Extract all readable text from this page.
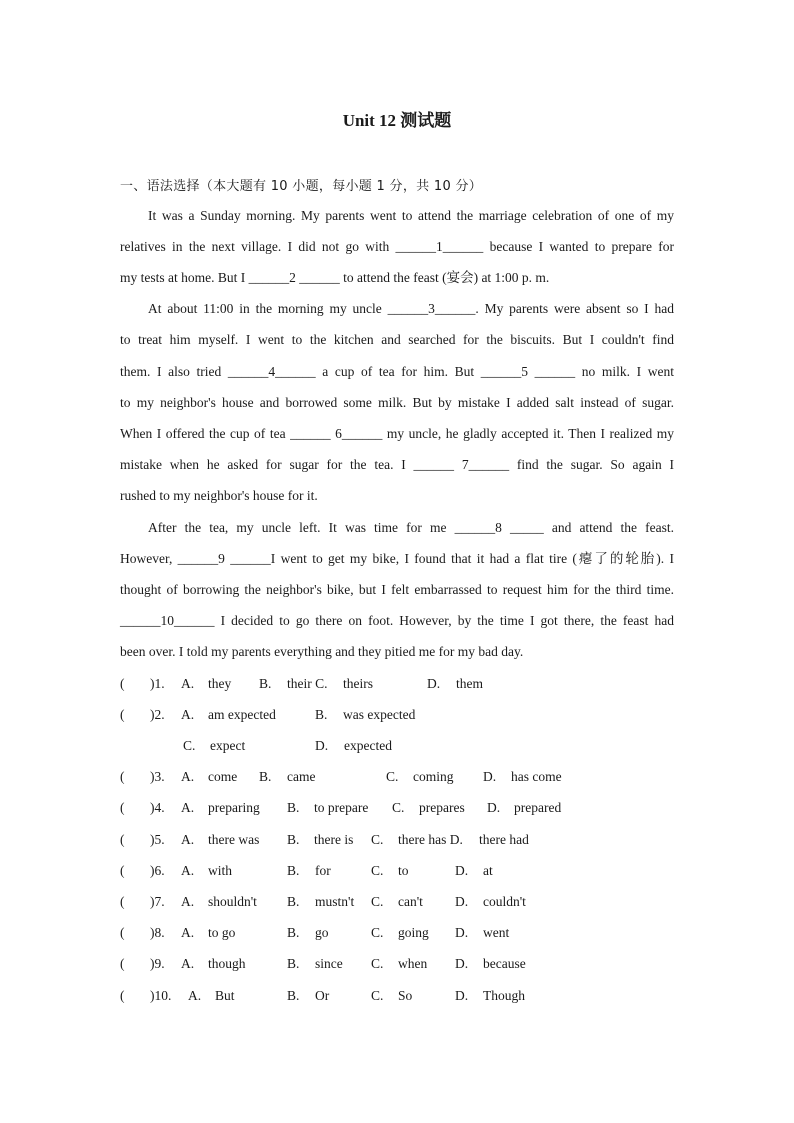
Unit 12 测试题
一、语法选择（本大题有 10 小题，每小题 1 分，共 10 分）
It was a Sunday morning. My parents went to attend the marriage celebration of one of my
relatives in the next village. I did not go with ______1______ because I wanted to prepare for
my tests at home. But I ______2 ______ to attend the feast (宴会) at 1:00 p. m.
At about 11:00 in the morning my uncle ______3______. My parents were absent so I had
to treat him myself. I went to the kitchen and searched for the biscuits. But I couldn't find
them. I also tried ______4______ a cup of tea for him. But ______5 ______ no milk. I went
to my neighbor's house and borrowed some milk. But by mistake I added salt instead of sugar.
When I offered the cup of tea ______ 6______ my uncle, he gladly accepted it. Then I realized my
mistake when he asked for sugar for the tea. I ______ 7______ find the sugar. So again I
rushed to my neighbor's house for it.
After the tea, my uncle left. It was time for me ______8 _____ and attend the feast.
However, ______9 ______I went to get my bike, I found that it had a flat tire (瘪了的轮胎). I
thought of borrowing the neighbor's bike, but I felt embarrassed to request him for the third time.
______10______ I decided to go there on foot. However, by the time I got there, the feast had
been over. I told my parents everything and they pitied me for my bad day.
( )1. A. they B. their C. theirs	D. them
( )2. A. am expected	B. was expected
C. expect	D. expected
( )3. A. come B. came	C. coming D. has come
( )4. A. preparing B. to prepare C. prepares D. prepared
( )5. A. there was B. there is C. there has D. there had
( )6. A. with	B. for	C. to	D. at
( )7. A. shouldn't B. mustn't C. can't D. couldn't
( )8. A. to go	B. go	C. going D. went
( )9. A. though	B. since C. when D. because
( )10. A. But	B. Or	C. So	D. Though
